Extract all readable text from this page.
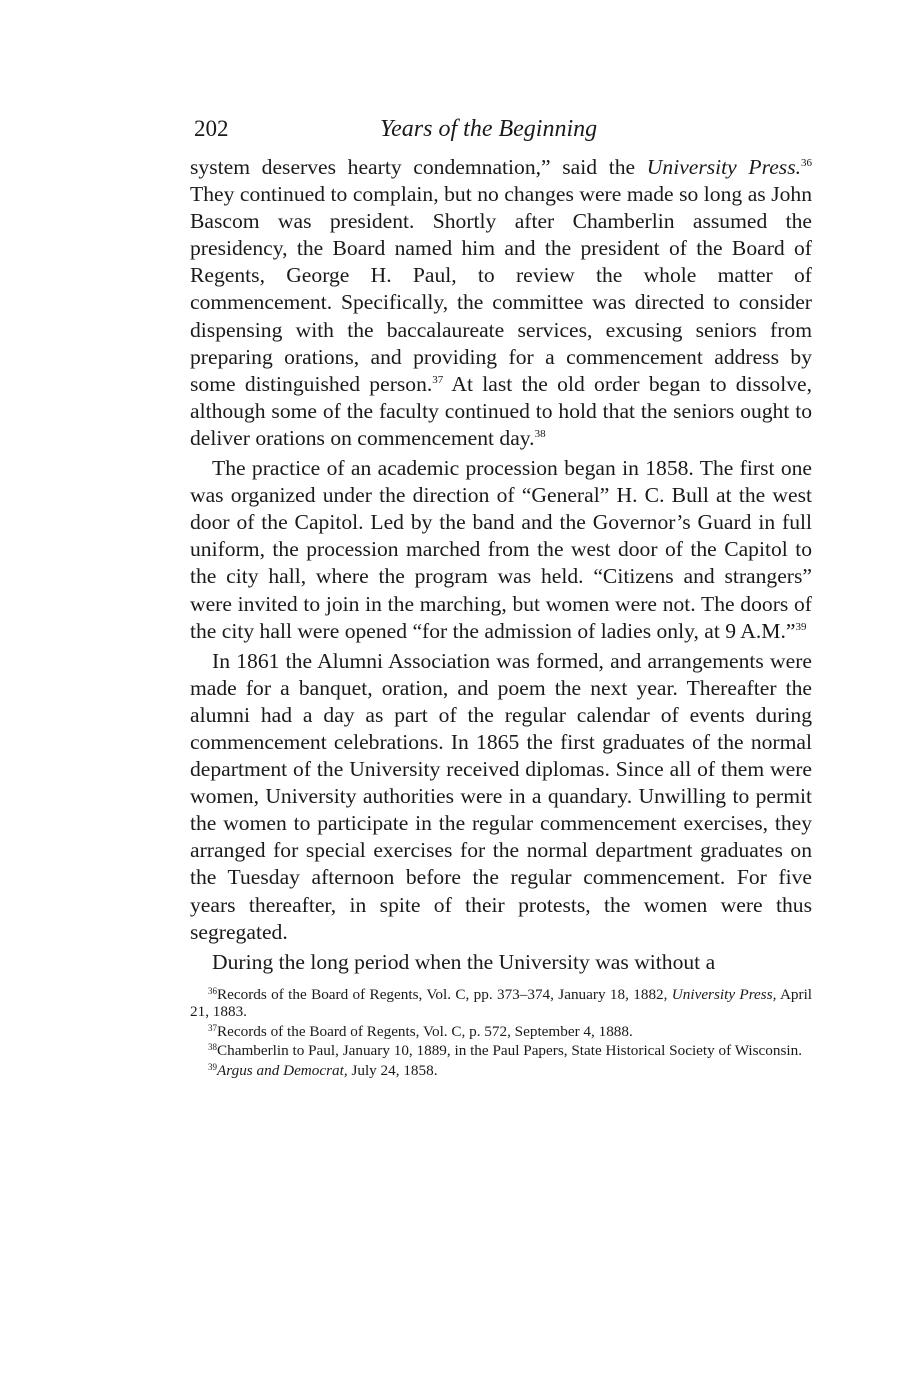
202	Years of the Beginning

system deserves hearty condemnation,” said the University Press.$^{36}$ They continued to complain, but no changes were made so long as John Bascom was president. Shortly after Chamberlin assumed the presidency, the Board named him and the president of the Board of Regents, George H. Paul, to review the whole matter of commencement. Specifically, the committee was directed to consider dispensing with the baccalaureate services, excusing seniors from preparing orations, and providing for a commencement address by some distinguished person.$^{37}$ At last the old order began to dissolve, although some of the faculty continued to hold that the seniors ought to deliver orations on commencement day.$^{38}$

The practice of an academic procession began in 1858. The first one was organized under the direction of “General” H. C. Bull at the west door of the Capitol. Led by the band and the Governor’s Guard in full uniform, the procession marched from the west door of the Capitol to the city hall, where the program was held. “Citizens and strangers” were invited to join in the marching, but women were not. The doors of the city hall were opened “for the admission of ladies only, at 9 A.M.”$^{39}$

In 1861 the Alumni Association was formed, and arrangements were made for a banquet, oration, and poem the next year. Thereafter the alumni had a day as part of the regular calendar of events during commencement celebrations. In 1865 the first graduates of the normal department of the University received diplomas. Since all of them were women, University authorities were in a quandary. Unwilling to permit the women to participate in the regular commencement exercises, they arranged for special exercises for the normal department graduates on the Tuesday afternoon before the regular commencement. For five years thereafter, in spite of their protests, the women were thus segregated.

During the long period when the University was without a

$^{36}$Records of the Board of Regents, Vol. C, pp. 373–374, January 18, 1882, University Press, April 21, 1883.

$^{37}$Records of the Board of Regents, Vol. C, p. 572, September 4, 1888.

$^{38}$Chamberlin to Paul, January 10, 1889, in the Paul Papers, State Historical Society of Wisconsin.

$^{39}$Argus and Democrat, July 24, 1858.
